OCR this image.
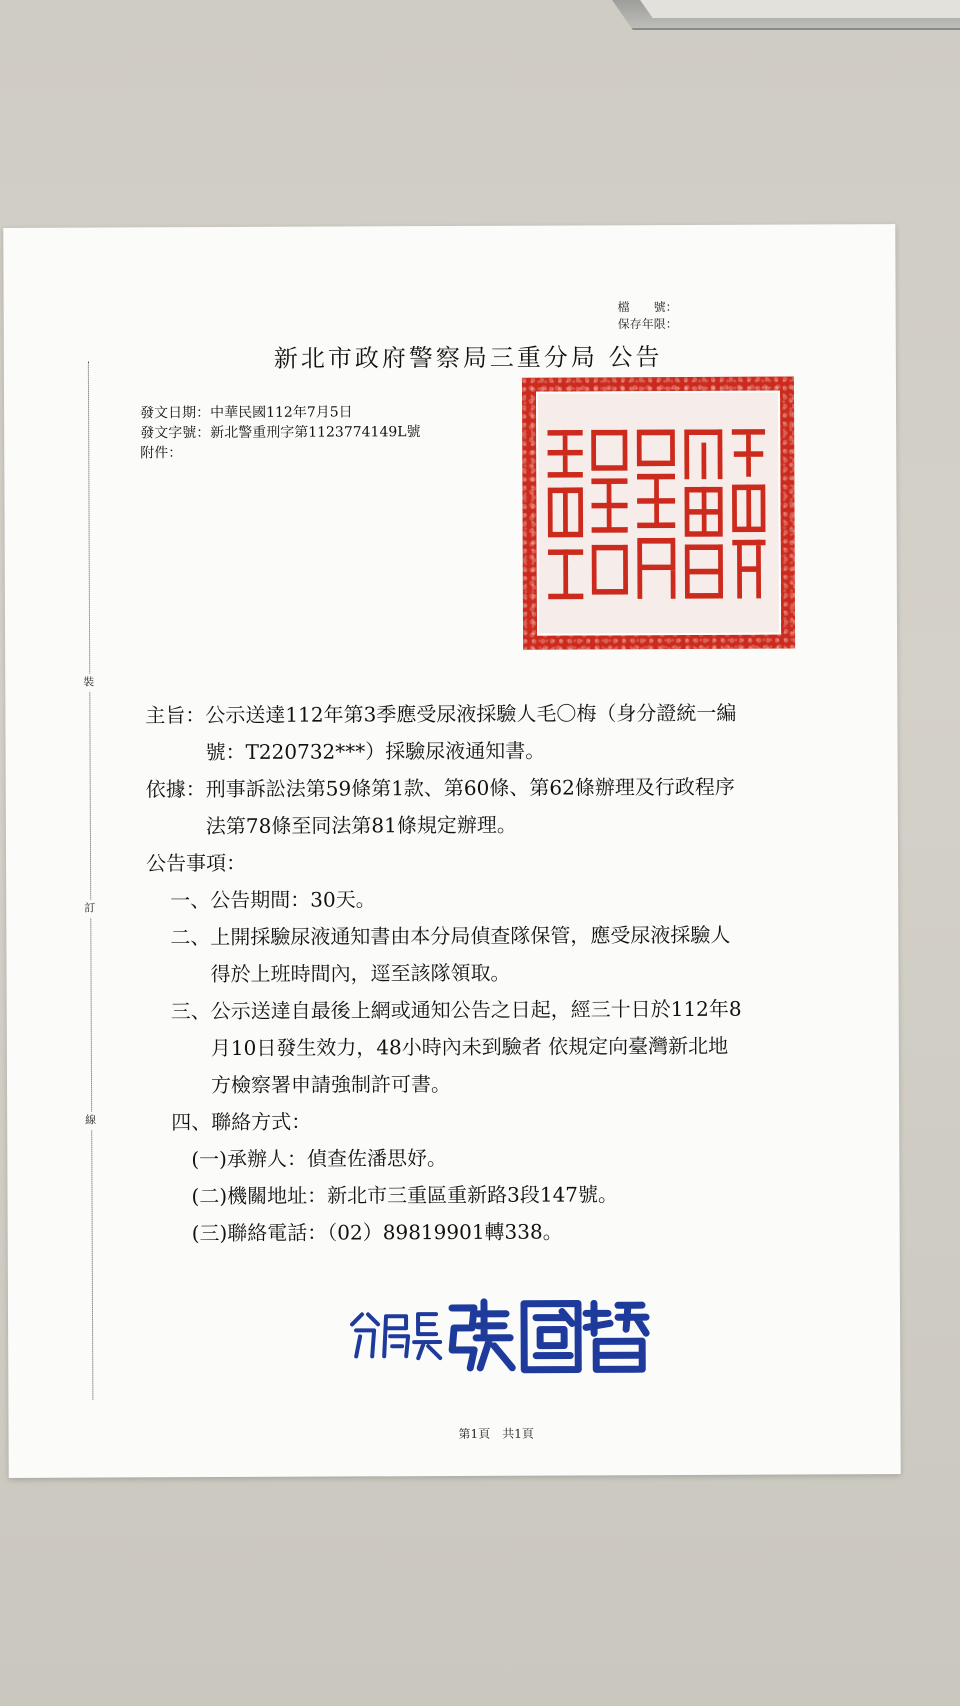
裝
訂
線
檔　　號：
保存年限：
新北市政府警察局三重分局 公告
發文日期：中華民國112年7月5日
發文字號：新北警重刑字第1123774149L號
附件：
主旨：公示送達112年第3季應受尿液採驗人毛〇梅（身分證統一編
號：T220732***）採驗尿液通知書。
依據：刑事訴訟法第59條第1款、第60條、第62條辦理及行政程序
法第78條至同法第81條規定辦理。
公告事項：
一、公告期間：30天。
二、上開採驗尿液通知書由本分局偵查隊保管，應受尿液採驗人
得於上班時間內，逕至該隊領取。
三、公示送達自最後上網或通知公告之日起，經三十日於112年8
月10日發生效力，48小時內未到驗者 依規定向臺灣新北地
方檢察署申請強制許可書。
四、聯絡方式：
(一)承辦人：偵查佐潘思妤。
(二)機關地址：新北市三重區重新路3段147號。
(三)聯絡電話：（02）89819901轉338。
第1頁　共1頁
